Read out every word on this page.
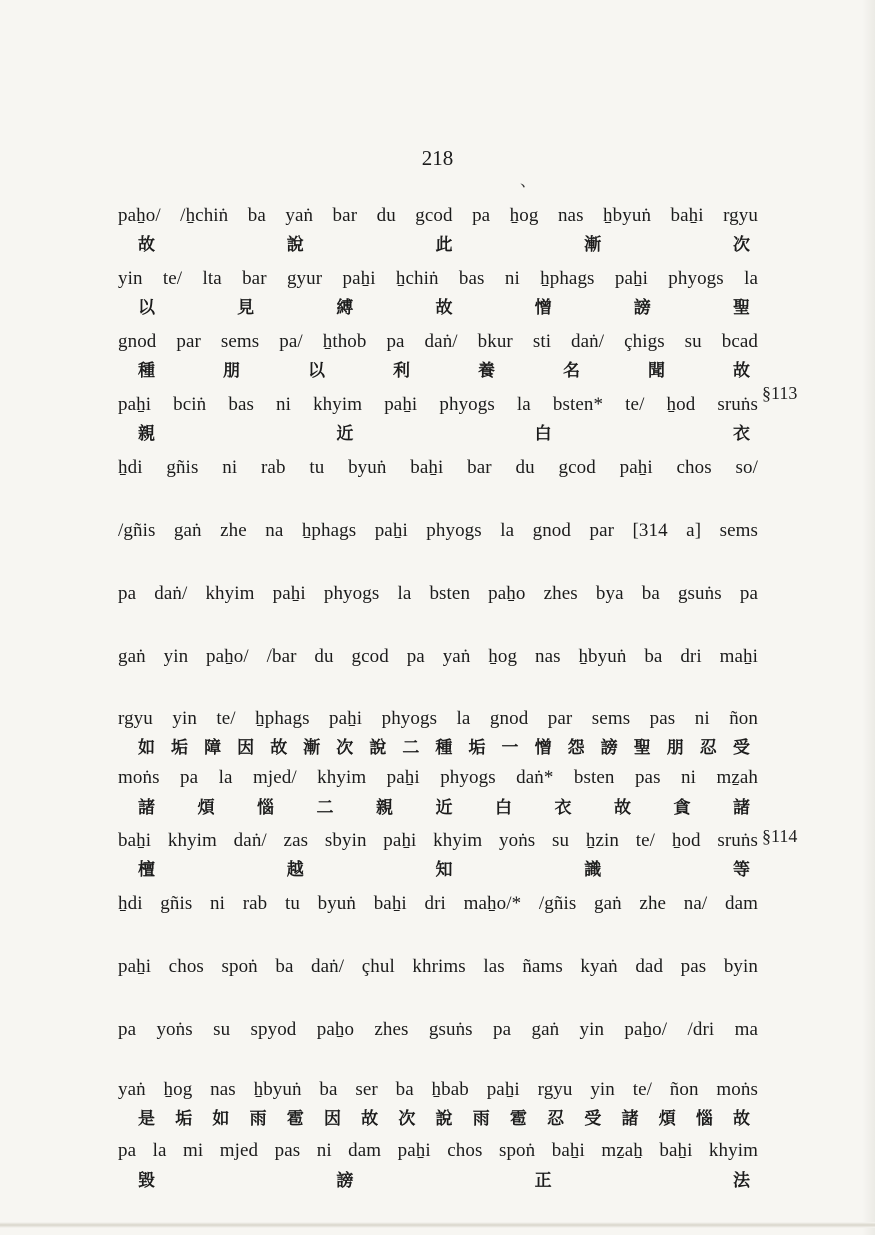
218
、
paẖo/ /ẖchiṅ ba yaṅ bar du gcod pa ẖog nas ẖbyuṅ baẖi rgyu
故	說	此	漸	次
yin te/ lta bar gyur paẖi ẖchiṅ bas ni ẖphags paẖi phyogs la
以	見	縛	故	憎	謗	聖
gnod par sems pa/ ẖthob pa daṅ/ bkur sti daṅ/ çhigs su bcad
種	朋	以	利	養	名	聞	故
paẖi bciṅ bas ni khyim paẖi phyogs la bsten* te/ ẖod sruṅs
親	近	白	衣
ẖdi gñis ni rab tu byuṅ baẖi bar du gcod paẖi chos so/
/gñis gaṅ zhe na ẖphags paẖi phyogs la gnod par [314 a] sems
pa daṅ/ khyim paẖi phyogs la bsten paẖo zhes bya ba gsuṅs pa
gaṅ yin paẖo/ /bar du gcod pa yaṅ ẖog nas ẖbyuṅ ba dri maẖi
rgyu yin te/ ẖphags paẖi phyogs la gnod par sems pas ni ñon
如 垢 障 因 故 漸 次 說 二 種 垢 一 憎 怨 謗 聖 朋 忍 受
moṅs pa la mjed/ khyim paẖi phyogs daṅ* bsten pas ni mẕah
諸	煩	惱	二	親	近	白	衣	故	貪	諸
baẖi khyim daṅ/ zas sbyin paẖi khyim yoṅs su ẖzin te/ ẖod sruṅs
檀	越	知	識	等
ẖdi gñis ni rab tu byuṅ baẖi dri maẖo/* /gñis gaṅ zhe na/ dam
paẖi chos spoṅ ba daṅ/ çhul khrims las ñams kyaṅ dad pas byin
pa yoṅs su spyod paẖo zhes gsuṅs pa gaṅ yin paẖo/ /dri ma
yaṅ ẖog nas ẖbyuṅ ba ser ba ẖbab paẖi rgyu yin te/ ñon moṅs
是 垢 如 雨 雹 因 故 次 說 雨 雹 忍 受 諸 煩 惱 故
pa la mi mjed pas ni dam paẖi chos spoṅ baẖi mẕaẖ baẖi khyim
毀	謗	正	法
§113
§114
